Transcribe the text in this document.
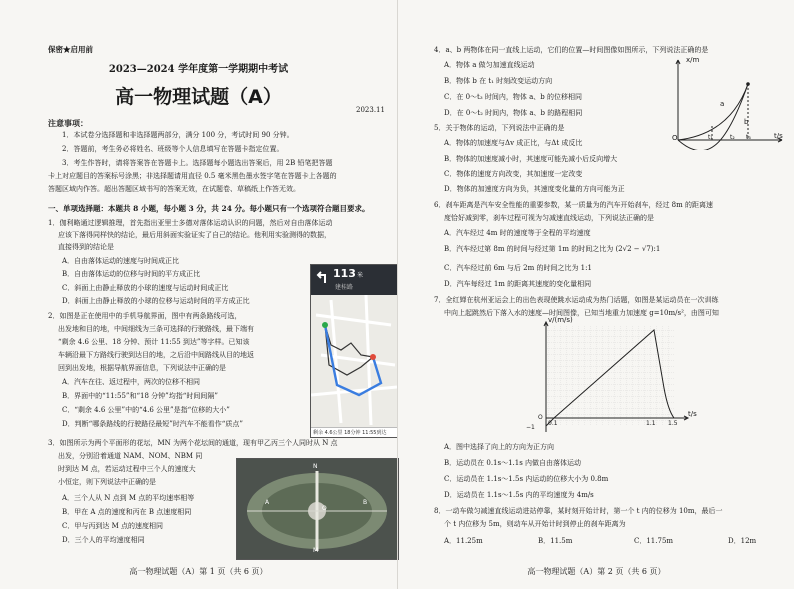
保密★启用前
2023—2024 学年度第一学期期中考试
高一物理试题（A）
2023.11
注意事项：
1．本试卷分选择题和非选择题两部分，满分 100 分，考试时间 90 分钟。
2．答题前，考生务必将姓名、班级等个人信息填写在答题卡指定位置。
3．考生作答时，请将答案答在答题卡上。选择题每小题选出答案后，用 2B 铅笔把答题
卡上对应题目的答案标号涂黑；非选择题请用直径 0.5 毫米黑色墨水签字笔在答题卡上各题的
答题区域内作答。超出答题区域书写的答案无效，在试题卷、草稿纸上作答无效。
一、单项选择题：本题共 8 小题，每小题 3 分，共 24 分。每小题只有一个选项符合题目要求。
1．伽利略通过逻辑推理，首先指出亚里士多德对落体运动认识的问题，然后对自由落体运动
应该下落得同样快的结论，最后用斜面实验证实了自己的结论。他利用实验测得的数据，
直接得到的结论是
A．自由落体运动的速度与时间成正比
B．自由落体运动的位移与时间的平方成正比
C．斜面上由静止释放的小球的速度与运动时间成正比
D．斜面上由静止释放的小球的位移与运动时间的平方成正比
2．如图是正在使用中的手机导航界面，图中有两条路线可选，
出发地和目的地，中间细线为三条可选择的行驶路线，最下端有
“剩余 4.6 公里、18 分钟、预计 11:55 到达”等字样。已知该
车辆沿最下方路线行驶到达目的地，之后沿中间路线从目的地返
回到出发地，根据导航界面信息，下列说法中正确的是
A．汽车在往、返过程中，两次的位移不相同
B．界面中的“11:55”和“18 分钟”均指“时间间隔”
C．“剩余 4.6 公里”中的“4.6 公里”是指“位移的大小”
D．判断“哪条路线的行驶路径最短”时汽车不能看作“质点”
113 米
建桂路
剩余 4.6公里 18分钟 11:55到达
3．如图所示为两个平面形的花坛，MN 为两个花坛间的通道，现有甲乙丙三个人同时从 N 点
出发，分别沿着通道 NAM、NOM、NBM 同
时到达 M 点，若运动过程中三个人的速度大
小恒定，则下列说法中正确的是
A．三个人从 N 点到 M 点的平均速率相等
B．甲在 A 点的速度和丙在 B 点速度相同
C．甲与丙到达 M 点的速度相同
D．三个人的平均速度相同
N
A
O
B
M
高一物理试题（A）第 1 页（共 6 页）
4．a、b 两物体在同一直线上运动，它们的位置—时间图像如图所示，下列说法正确的是
A．物体 a 做匀加速直线运动
B．物体 b 在 t₁ 时刻改变运动方向
C．在 0～t₃ 时间内，物体 a、b 的位移相同
D．在 0～t₂ 时间内，物体 a、b 的路程相同
x/m
t/s
O
a
b
t₁	t₂ t₃
5．关于物体的运动，下列说法中正确的是
A．物体的加速度与Δv 成正比，与Δt 成反比
B．物体的加速度减小时，其速度可能先减小后反向增大
C．物体的速度方向改变，其加速度一定改变
D．物体的加速度方向为负，其速度变化量的方向可能为正
6．刹车距离是汽车安全性能的重要参数，某一质量为的汽车开始刹车，经过 8m 的距离速
度恰好减到零，刹车过程可视为匀减速直线运动，下列说法正确的是
A．汽车经过 4m 时的速度等于全程的平均速度
B．汽车经过第 8m 的时间与经过第 1m 的时间之比为 (2√2 − √7):1
C．汽车经过前 6m 与后 2m 的时间之比为 1:1
D．汽车每经过 1m 的距离其速度的变化量相同
7．全红婵在杭州亚运会上的出色表现使跳水运动成为热门话题，如图是某运动员在一次训练
中向上起跳然后下落入水的速度—时间图像，已知当地重力加速度 g=10m/s²，由图可知
v/(m/s)
t/s
O
−1
0.1	1.1 1.5
A．图中选择了向上的方向为正方向
B．运动员在 0.1s～1.1s 内做自由落体运动
C．运动员在 1.1s～1.5s 内运动的位移大小为 0.8m
D．运动员在 1.1s～1.5s 内的平均速度为 4m/s
8．一动车做匀减速直线运动进站停靠，某时刻开始计时，第一个 t 内的位移为 10m，最后一
个 t 内位移为 5m，则动车从开始计时到停止的刹车距离为
A．11.25m	B．11.5m	C．11.75m	D．12m
高一物理试题（A）第 2 页（共 6 页）
